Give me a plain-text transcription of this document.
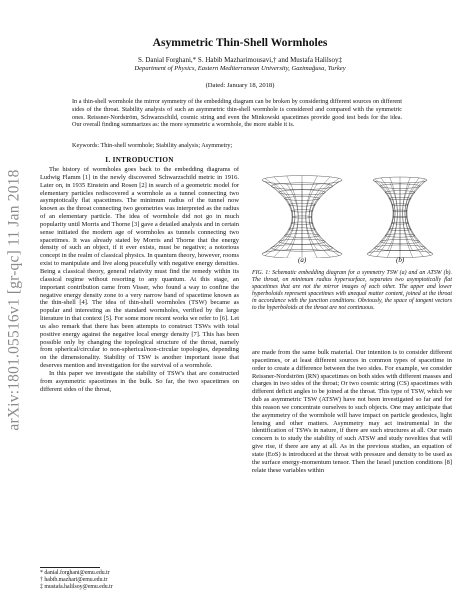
arXiv:1801.05516v1 [gr-qc] 11 Jan 2018
Asymmetric Thin-Shell Wormholes
S. Danial Forghani,* S. Habib Mazharimousavi,† and Mustafa Halilsoy‡
Department of Physics, Eastern Mediterranean University, Gazimağusa, Turkey
(Dated: January 18, 2018)

In a thin-shell wormhole the mirror symmetry of the embedding diagram can be broken by considering different sources on different sides of the throat. Stability analysis of such an asymmetric thin-shell wormhole is considered and compared with the symmetric ones. Reissner-Nordström, Schwarzschild, cosmic string and even the Minkowski spacetimes provide good test beds for the idea. Our overall finding summarizes as: the more symmetric a wormhole, the more stable it is.

Keywords: Thin-shell wormhole; Stability analysis; Asymmetry;

I. INTRODUCTION

The history of wormholes goes back to the embedding diagrams of Ludwig Flamm [1] in the newly discovered Schwarzschild metric in 1916. Later on, in 1935 Einstein and Rosen [2] in search of a geometric model for elementary particles rediscovered a wormhole as a tunnel connecting two asymptotically flat spacetimes. The minimum radius of the tunnel now known as the throat connecting two geometries was interpreted as the radius of an elementary particle. The idea of wormhole did not go in much popularity until Morris and Thorne [3] gave a detailed analysis and in certain sense initiated the modern age of wormholes as tunnels connecting two spacetimes. It was already stated by Morris and Thorne that the energy density of such an object, if it ever exists, must be negative; a notorious concept in the realm of classical physics. In quantum theory, however, rooms exist to manipulate and live along peacefully with negative energy densities. Being a classical theory, general relativity must find the remedy within its classical regime without resorting to any quantum. At this stage, an important contribution came from Visser, who found a way to confine the negative energy density zone to a very narrow band of spacetime known as the thin-shell [4]. The idea of thin-shell wormholes (TSW) became as popular and interesting as the standard wormholes, verified by the large literature in that context [5]. For some more recent works we refer to [6]. Let us also remark that there has been attempts to construct TSWs with total positive energy against the negative local energy density [7]. This has been possible only by changing the topological structure of the throat, namely from spherical/circular to non-spherical/non-circular topologies, depending on the dimensionality. Stability of TSW is another important issue that deserves mention and investigation for the survival of a wormhole.

In this paper we investigate the stability of TSW's that are constructed from asymmetric spacetimes in the bulk. So far, the two spacetimes on different sides of the throat,

(a)	(b)

FIG. 1: Schematic embedding diagram for a symmetry TSW (a) and an ATSW (b). The throat, on minimum radius hypersurface, separates two asymptotically flat spacetimes that are not the mirror images of each other. The upper and lower hyperboloids represent spacetimes with unequal matter content, joined at the throat in accordance with the junction conditions. Obviously, the space of tangent vectors to the hyperboloids at the throat are not continuous.

are made from the same bulk material. Our intention is to consider different spacetimes, or at least different sources in common types of spacetime in order to create a difference between the two sides. For example, we consider Reissner-Nordström (RN) spacetimes on both sides with different masses and charges in two sides of the throat; Or two cosmic string (CS) spacetimes with different deficit angles to be joined at the throat. This type of TSW, which we dub as asymmetric TSW (ATSW) have not been investigated so far and for this reason we concentrate ourselves to such objects. One may anticipate that the asymmetry of the wormhole will have impact on particle geodesics, light lensing and other matters. Asymmetry may act instrumental in the identification of TSWs in nature, if there are such structures at all. Our main concern is to study the stability of such ATSW and study novelties that will give rise, if there are any at all. As in the previous studies, an equation of state (EoS) is introduced at the throat with pressure and density to be used as the surface energy-momentum tensor. Then the Israel junction conditions [8] relate these variables within

* danial.forghani@emu.edu.tr
† habib.mazhari@emu.edu.tr
‡ mustafa.halilsoy@emu.edu.tr
